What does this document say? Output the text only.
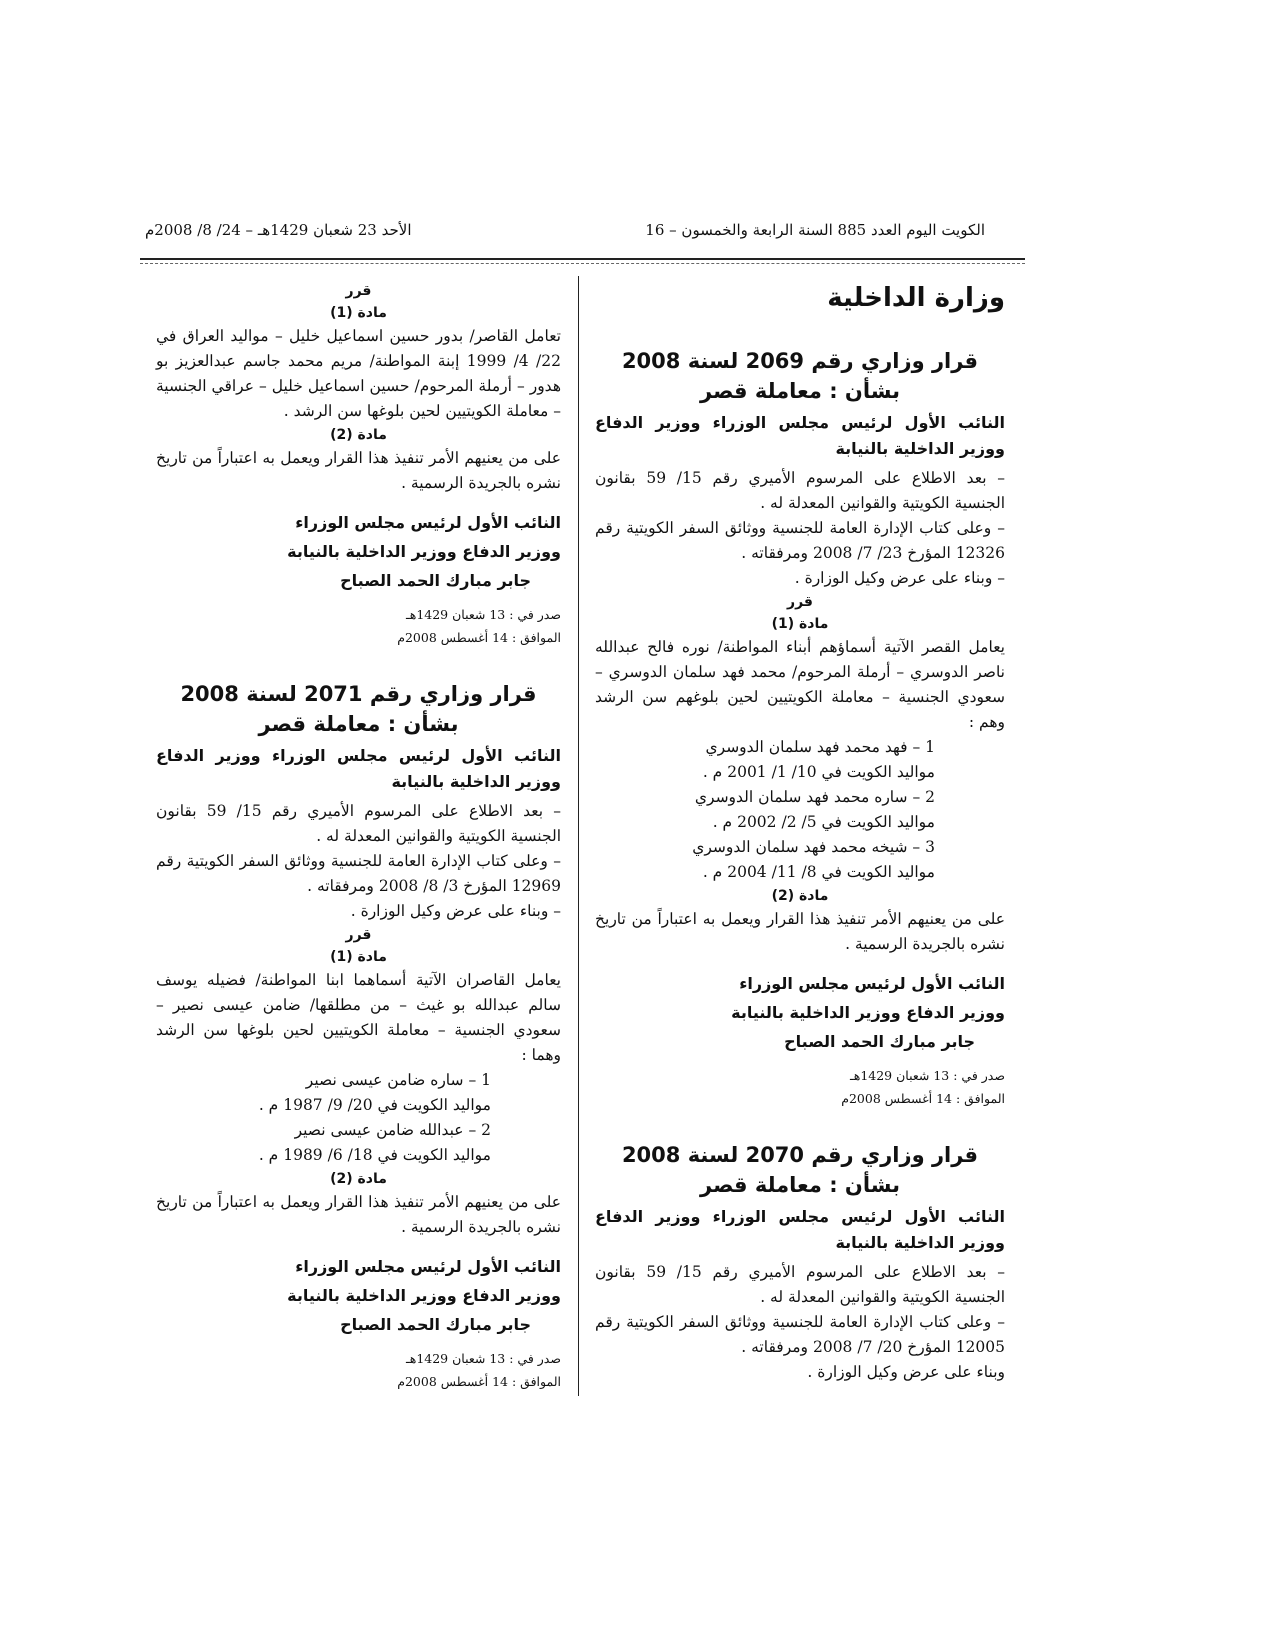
الكويت اليوم العدد 885 السنة الرابعة والخمسون – 16
الأحد 23 شعبان 1429هـ – 24/ 8/ 2008م

وزارة الداخلية

قرار وزاري رقم 2069 لسنة 2008

بشأن : معاملة قصر

النائب الأول لرئيس مجلس الوزراء ووزير الدفاع ووزير الداخلية بالنيابة

– بعد الاطلاع على المرسوم الأميري رقم 15/ 59 بقانون الجنسية الكويتية والقوانين المعدلة له .

– وعلى كتاب الإدارة العامة للجنسية ووثائق السفر الكويتية رقم 12326 المؤرخ 23/ 7/ 2008 ومرفقاته .

– وبناء على عرض وكيل الوزارة .

قرر

مادة (1)

يعامل القصر الآتية أسماؤهم أبناء المواطنة/ نوره فالح عبدالله ناصر الدوسري – أرملة المرحوم/ محمد فهد سلمان الدوسري – سعودي الجنسية – معاملة الكويتيين لحين بلوغهم سن الرشد وهم :

1 – فهد محمد فهد سلمان الدوسري

مواليد الكويت في 10/ 1/ 2001 م .

2 – ساره محمد فهد سلمان الدوسري

مواليد الكويت في 5/ 2/ 2002 م .

3 – شيخه محمد فهد سلمان الدوسري

مواليد الكويت في 8/ 11/ 2004 م .

مادة (2)

على من يعنيهم الأمر تنفيذ هذا القرار ويعمل به اعتباراً من تاريخ نشره بالجريدة الرسمية .

النائب الأول لرئيس مجلس الوزراء

ووزير الدفاع ووزير الداخلية بالنيابة

جابر مبارك الحمد الصباح

صدر في : 13 شعبان 1429هـ

الموافق : 14 أغسطس 2008م

قرار وزاري رقم 2070 لسنة 2008

بشأن : معاملة قصر

النائب الأول لرئيس مجلس الوزراء ووزير الدفاع ووزير الداخلية بالنيابة

– بعد الاطلاع على المرسوم الأميري رقم 15/ 59 بقانون الجنسية الكويتية والقوانين المعدلة له .

– وعلى كتاب الإدارة العامة للجنسية ووثائق السفر الكويتية رقم 12005 المؤرخ 20/ 7/ 2008 ومرفقاته .

وبناء على عرض وكيل الوزارة .

قرر

مادة (1)

تعامل القاصر/ بدور حسين اسماعيل خليل – مواليد العراق في 22/ 4/ 1999 إبنة المواطنة/ مريم محمد جاسم عبدالعزيز بو هدور – أرملة المرحوم/ حسين اسماعيل خليل – عراقي الجنسية – معاملة الكويتيين لحين بلوغها سن الرشد .

مادة (2)

على من يعنيهم الأمر تنفيذ هذا القرار ويعمل به اعتباراً من تاريخ نشره بالجريدة الرسمية .

النائب الأول لرئيس مجلس الوزراء

ووزير الدفاع ووزير الداخلية بالنيابة

جابر مبارك الحمد الصباح

صدر في : 13 شعبان 1429هـ

الموافق : 14 أغسطس 2008م

قرار وزاري رقم 2071 لسنة 2008

بشأن : معاملة قصر

النائب الأول لرئيس مجلس الوزراء ووزير الدفاع ووزير الداخلية بالنيابة

– بعد الاطلاع على المرسوم الأميري رقم 15/ 59 بقانون الجنسية الكويتية والقوانين المعدلة له .

– وعلى كتاب الإدارة العامة للجنسية ووثائق السفر الكويتية رقم 12969 المؤرخ 3/ 8/ 2008 ومرفقاته .

– وبناء على عرض وكيل الوزارة .

قرر

مادة (1)

يعامل القاصران الآتية أسماهما ابنا المواطنة/ فضيله يوسف سالم عبدالله بو غيث – من مطلقها/ ضامن عيسى نصير – سعودي الجنسية – معاملة الكويتيين لحين بلوغها سن الرشد وهما :

1 – ساره ضامن عيسى نصير

مواليد الكويت في 20/ 9/ 1987 م .

2 – عبدالله ضامن عيسى نصير

مواليد الكويت في 18/ 6/ 1989 م .

مادة (2)

على من يعنيهم الأمر تنفيذ هذا القرار ويعمل به اعتباراً من تاريخ نشره بالجريدة الرسمية .

النائب الأول لرئيس مجلس الوزراء

ووزير الدفاع ووزير الداخلية بالنيابة

جابر مبارك الحمد الصباح

صدر في : 13 شعبان 1429هـ

الموافق : 14 أغسطس 2008م
